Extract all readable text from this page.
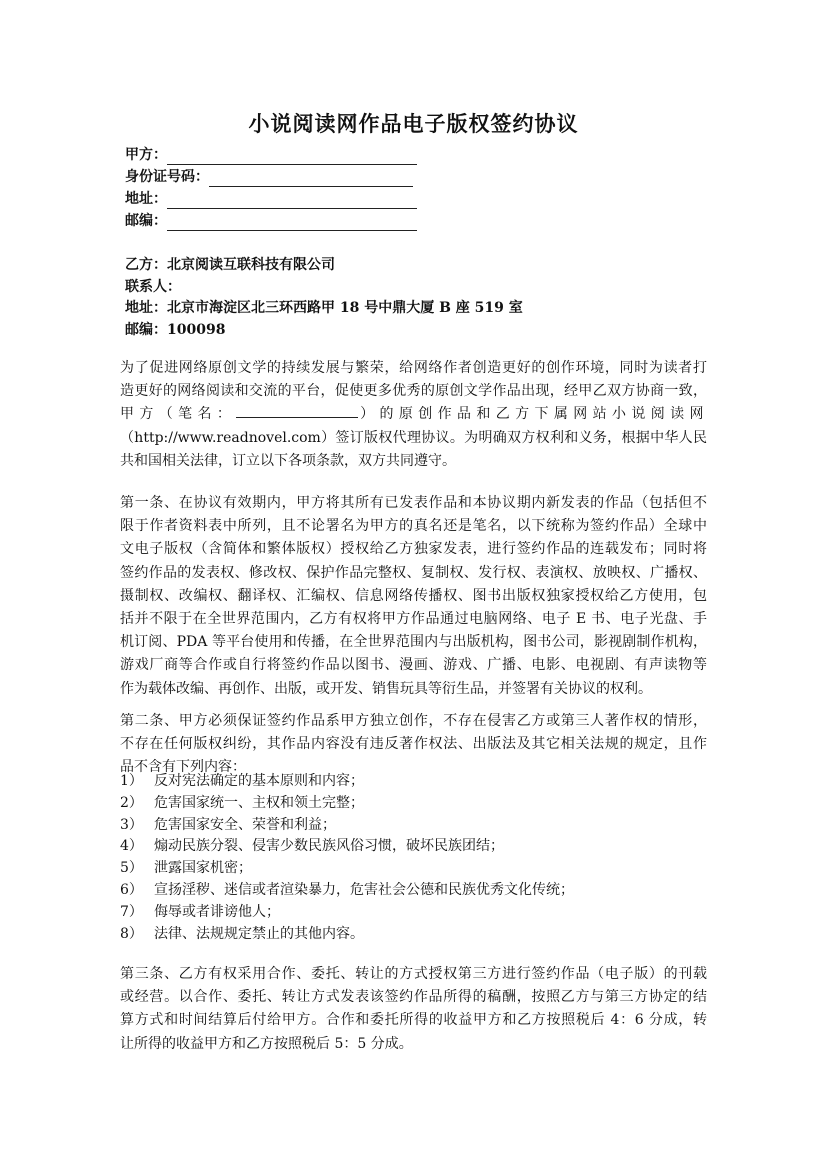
小说阅读网作品电子版权签约协议
甲方：
身份证号码：
地址：
邮编：
乙方：北京阅读互联科技有限公司
联系人：
地址：北京市海淀区北三环西路甲 18 号中鼎大厦 B 座 519 室
邮编：100098
为了促进网络原创文学的持续发展与繁荣，给网络作者创造更好的创作环境，同时为读者打
造更好的网络阅读和交流的平台，促使更多优秀的原创文学作品出现，经甲乙双方协商一致，
甲方（笔名：	）的原创作品和乙方下属网站小说阅读网
（http://www.readnovel.com）签订版权代理协议。为明确双方权利和义务，根据中华人民
共和国相关法律，订立以下各项条款，双方共同遵守。
第一条、在协议有效期内，甲方将其所有已发表作品和本协议期内新发表的作品（包括但不
限于作者资料表中所列，且不论署名为甲方的真名还是笔名，以下统称为签约作品）全球中
文电子版权（含简体和繁体版权）授权给乙方独家发表，进行签约作品的连载发布；同时将
签约作品的发表权、修改权、保护作品完整权、复制权、发行权、表演权、放映权、广播权、
摄制权、改编权、翻译权、汇编权、信息网络传播权、图书出版权独家授权给乙方使用，包
括并不限于在全世界范围内，乙方有权将甲方作品通过电脑网络、电子 E 书、电子光盘、手
机订阅、PDA 等平台使用和传播，在全世界范围内与出版机构，图书公司，影视剧制作机构，
游戏厂商等合作或自行将签约作品以图书、漫画、游戏、广播、电影、电视剧、有声读物等
作为载体改编、再创作、出版，或开发、销售玩具等衍生品，并签署有关协议的权利。
第二条、甲方必须保证签约作品系甲方独立创作，不存在侵害乙方或第三人著作权的情形，
不存在任何版权纠纷，其作品内容没有违反著作权法、出版法及其它相关法规的规定，且作
品不含有下列内容：
1） 反对宪法确定的基本原则和内容；
2） 危害国家统一、主权和领土完整；
3） 危害国家安全、荣誉和利益；
4） 煽动民族分裂、侵害少数民族风俗习惯，破坏民族团结；
5） 泄露国家机密；
6） 宣扬淫秽、迷信或者渲染暴力，危害社会公德和民族优秀文化传统；
7） 侮辱或者诽谤他人；
8） 法律、法规规定禁止的其他内容。
第三条、乙方有权采用合作、委托、转让的方式授权第三方进行签约作品（电子版）的刊载
或经营。以合作、委托、转让方式发表该签约作品所得的稿酬，按照乙方与第三方协定的结
算方式和时间结算后付给甲方。合作和委托所得的收益甲方和乙方按照税后 4：6 分成，转
让所得的收益甲方和乙方按照税后 5：5 分成。
